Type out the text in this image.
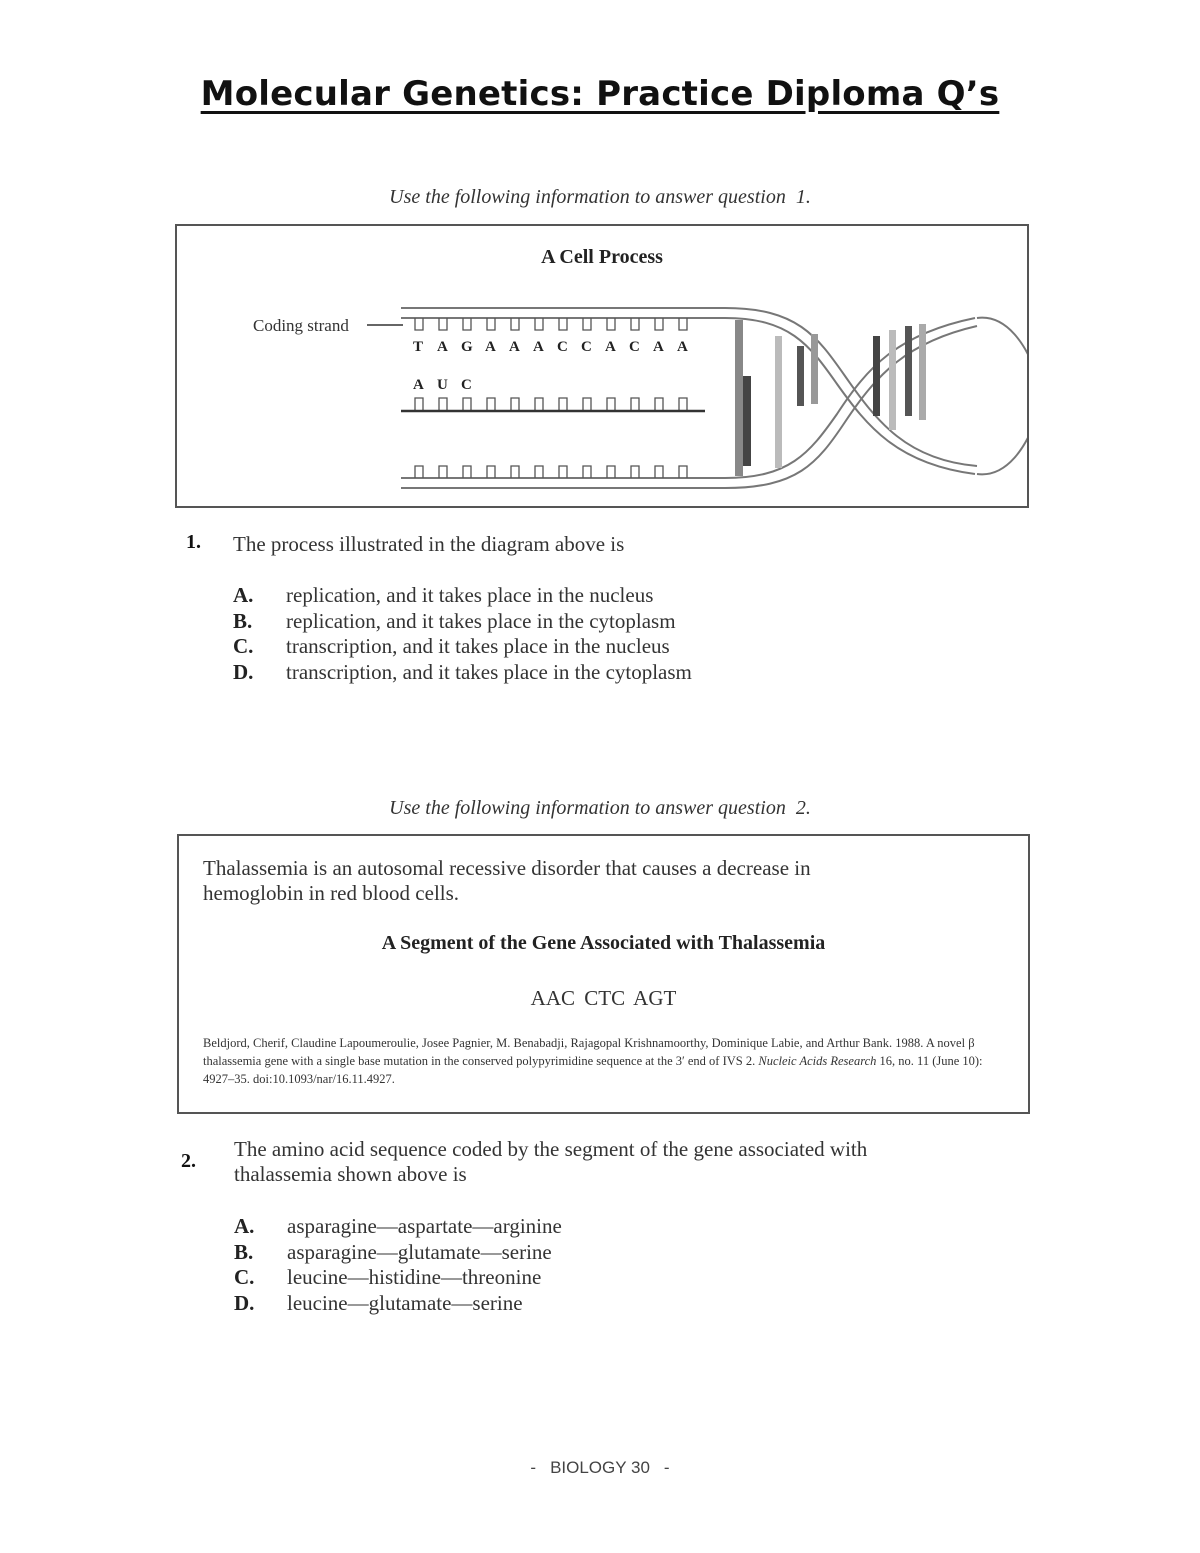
Molecular Genetics: Practice Diploma Q’s
Use the following information to answer question 1.
A Cell Process
Coding strand
T A G A A A C C A C A A
A U C
1. The process illustrated in the diagram above is
A.	replication, and it takes place in the nucleus
B.	replication, and it takes place in the cytoplasm
C.	transcription, and it takes place in the nucleus
D.	transcription, and it takes place in the cytoplasm
Use the following information to answer question 2.
Thalassemia is an autosomal recessive disorder that causes a decrease in
hemoglobin in red blood cells.
A Segment of the Gene Associated with Thalassemia
AAC CTC AGT
Beldjord, Cherif, Claudine Lapoumeroulie, Josee Pagnier, M. Benabadji, Rajagopal Krishnamoorthy, Dominique Labie, and Arthur Bank. 1988. A novel β thalassemia gene with a single base mutation in the conserved polypyrimidine sequence at the 3′ end of IVS 2. Nucleic Acids Research 16, no. 11 (June 10): 4927–35. doi:10.1093/nar/16.11.4927.
2. The amino acid sequence coded by the segment of the gene associated with
thalassemia shown above is
A.	asparagine—aspartate—arginine
B.	asparagine—glutamate—serine
C.	leucine—histidine—threonine
D.	leucine—glutamate—serine
- BIOLOGY 30 -
